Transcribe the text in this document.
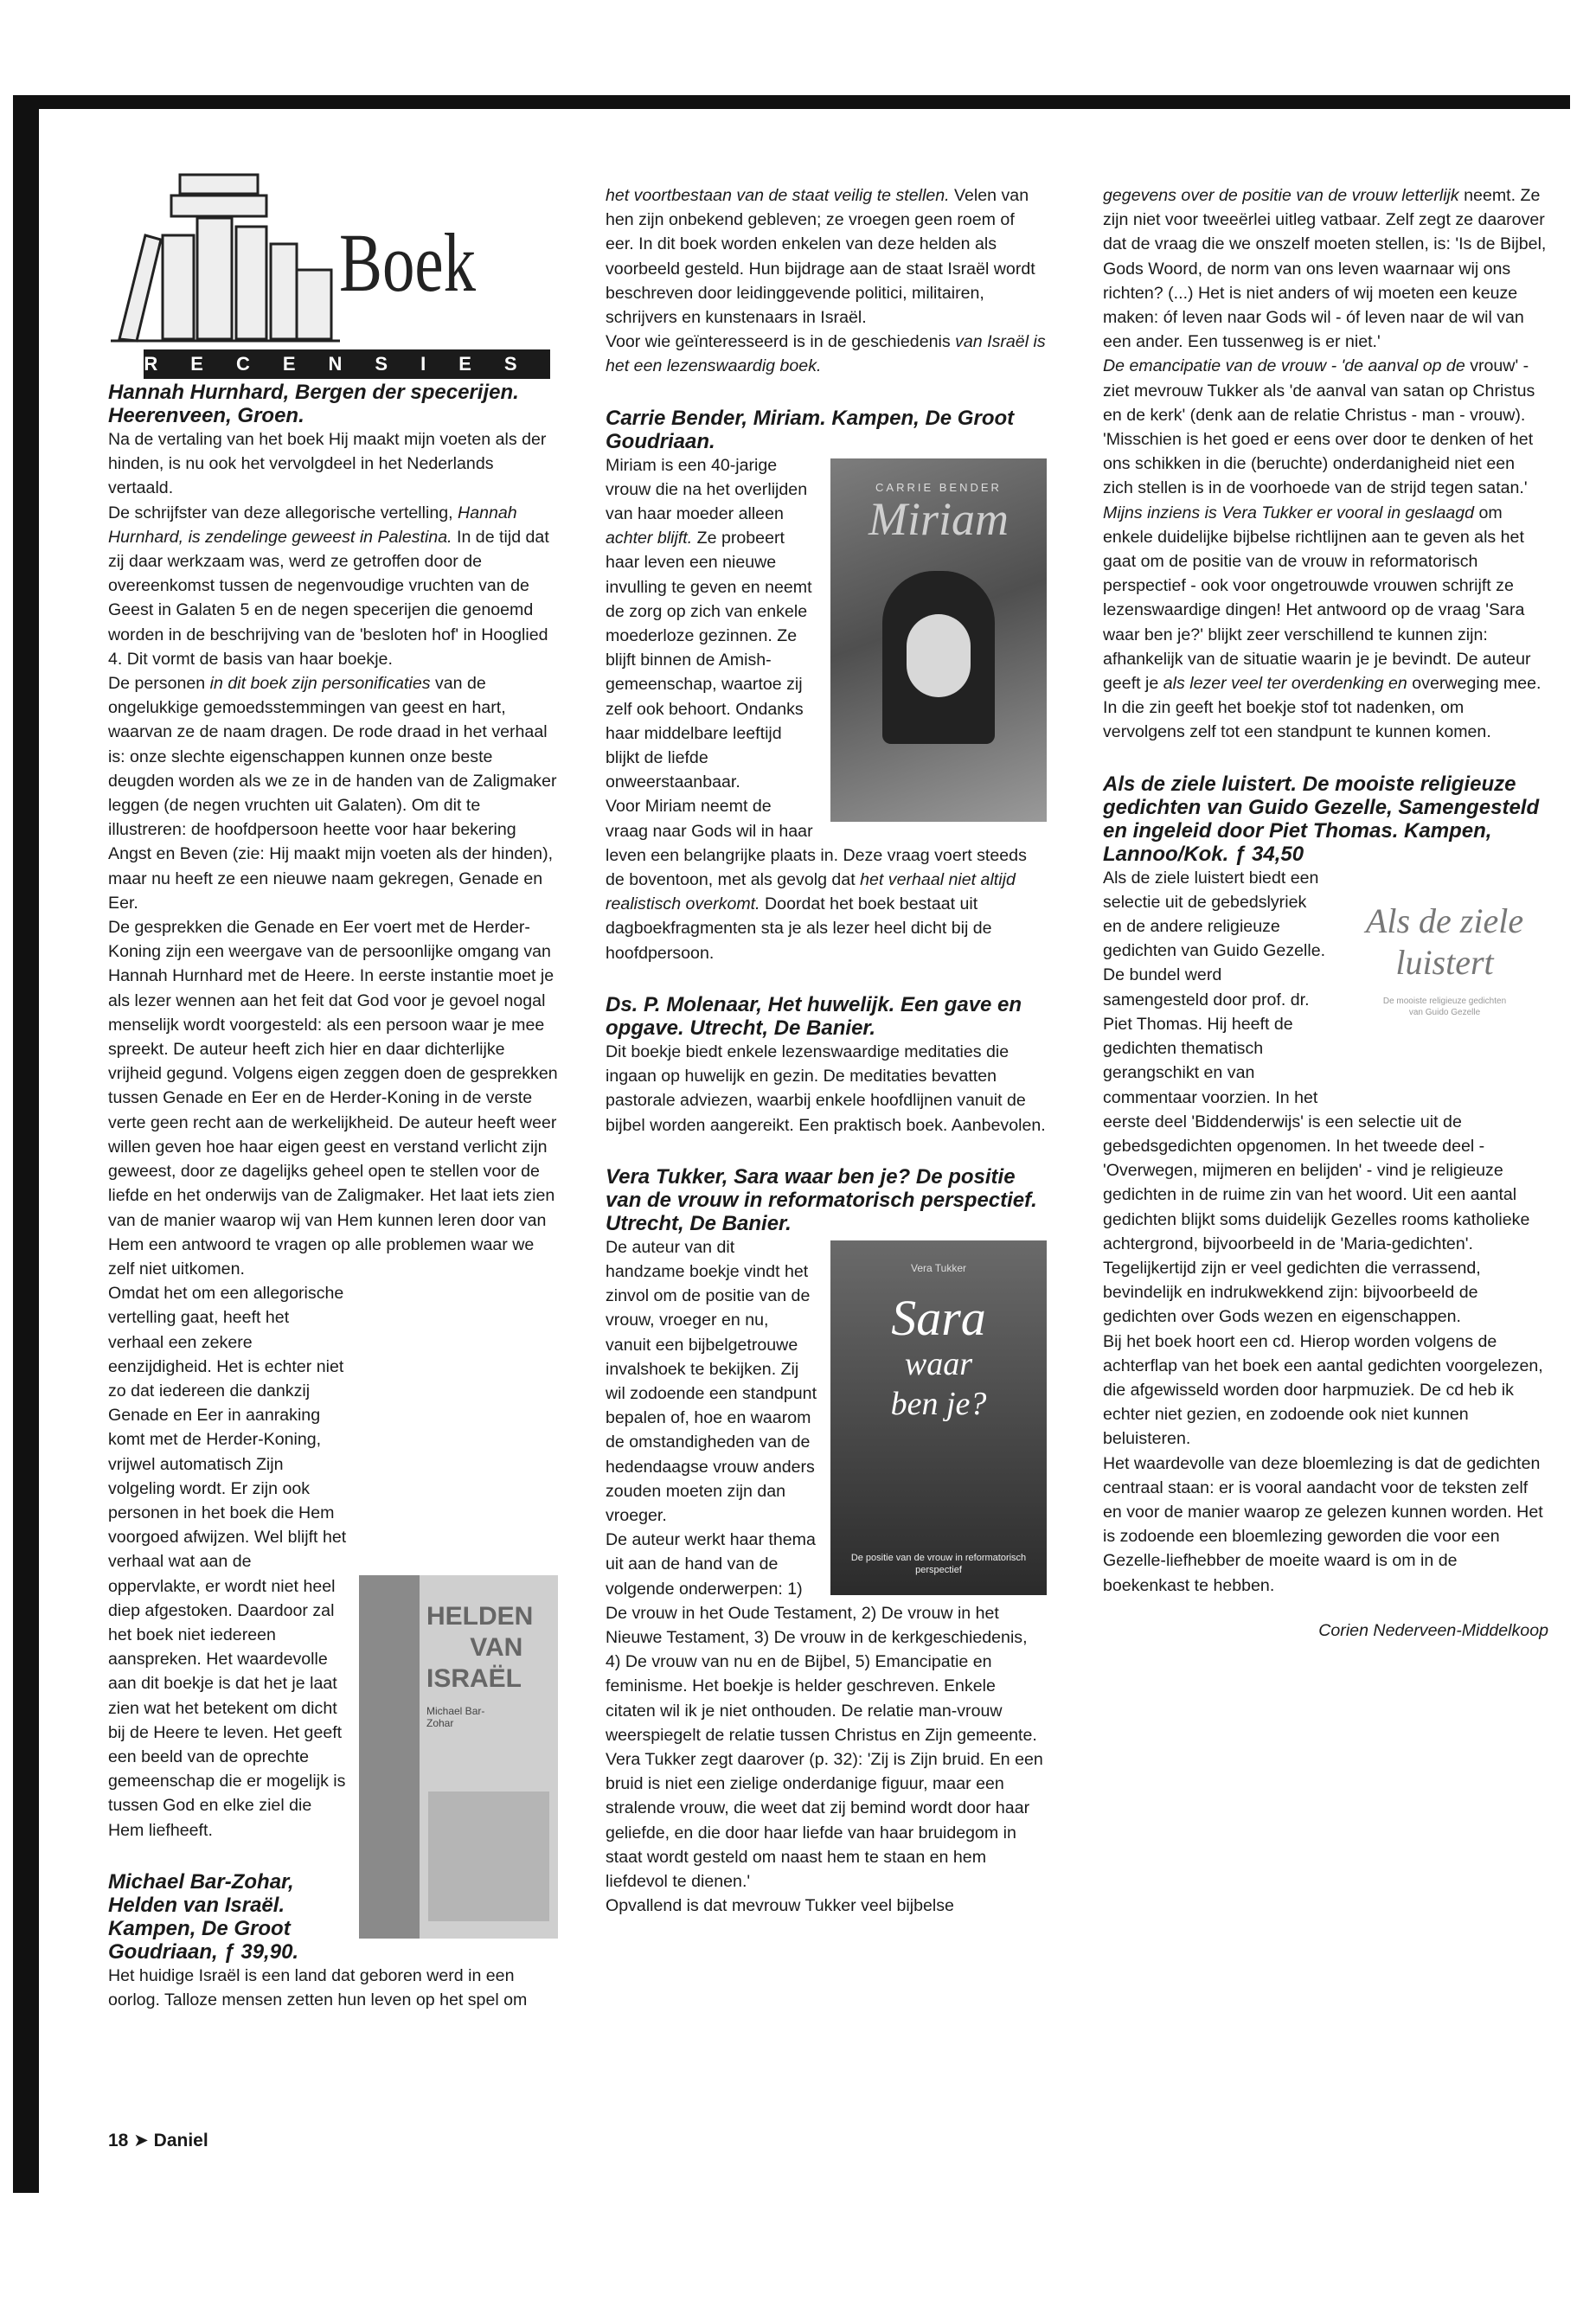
Boek
RECENSIES

Hannah Hurnhard, Bergen der specerijen. Heerenveen, Groen.

Na de vertaling van het boek Hij maakt mijn voeten als der hinden, is nu ook het vervolgdeel in het Nederlands vertaald.

De schrijfster van deze allegorische vertelling, Hannah Hurnhard, is zendelinge geweest in Palestina. In de tijd dat zij daar werkzaam was, werd ze getroffen door de overeenkomst tussen de negenvoudige vruchten van de Geest in Galaten 5 en de negen specerijen die genoemd worden in de beschrijving van de 'besloten hof' in Hooglied 4. Dit vormt de basis van haar boekje.

De personen in dit boek zijn personificaties van de ongelukkige gemoedsstemmingen van geest en hart, waarvan ze de naam dragen. De rode draad in het verhaal is: onze slechte eigenschappen kunnen onze beste deugden worden als we ze in de handen van de Zaligmaker leggen (de negen vruchten uit Galaten). Om dit te illustreren: de hoofdpersoon heette voor haar bekering Angst en Beven (zie: Hij maakt mijn voeten als der hinden), maar nu heeft ze een nieuwe naam gekregen, Genade en Eer.

De gesprekken die Genade en Eer voert met de Herder-Koning zijn een weergave van de persoonlijke omgang van Hannah Hurnhard met de Heere. In eerste instantie moet je als lezer wennen aan het feit dat God voor je gevoel nogal menselijk wordt voorgesteld: als een persoon waar je mee spreekt. De auteur heeft zich hier en daar dichterlijke vrijheid gegund. Volgens eigen zeggen doen de gesprekken tussen Genade en Eer en de Herder-Koning in de verste verte geen recht aan de werkelijkheid. De auteur heeft weer willen geven hoe haar eigen geest en verstand verlicht zijn geweest, door ze dagelijks geheel open te stellen voor de liefde en het onderwijs van de Zaligmaker. Het laat iets zien van de manier waarop wij van Hem kunnen leren door van Hem een antwoord te vragen op alle problemen waar we zelf niet uitkomen.

HELDEN
VAN
ISRAËL
Michael Bar-Zohar

Omdat het om een allegorische vertelling gaat, heeft het verhaal een zekere eenzijdigheid. Het is echter niet zo dat iedereen die dankzij Genade en Eer in aanraking komt met de Herder-Koning, vrijwel automatisch Zijn volgeling wordt. Er zijn ook personen in het boek die Hem voorgoed afwijzen. Wel blijft het verhaal wat aan de oppervlakte, er wordt niet heel diep afgestoken. Daardoor zal het boek niet iedereen aanspreken. Het waardevolle aan dit boekje is dat het je laat zien wat het betekent om dicht bij de Heere te leven. Het geeft een beeld van de oprechte gemeenschap die er mogelijk is tussen God en elke ziel die Hem liefheeft.

Michael Bar-Zohar, Helden van Israël. Kampen, De Groot Goudriaan, ƒ 39,90.

Het huidige Israël is een land dat geboren werd in een oorlog. Talloze mensen zetten hun leven op het spel om

het voortbestaan van de staat veilig te stellen. Velen van hen zijn onbekend gebleven; ze vroegen geen roem of eer. In dit boek worden enkelen van deze helden als voorbeeld gesteld. Hun bijdrage aan de staat Israël wordt beschreven door leidinggevende politici, militairen, schrijvers en kunstenaars in Israël.

Voor wie geïnteresseerd is in de geschiedenis van Israël is het een lezenswaardig boek.

Carrie Bender, Miriam. Kampen, De Groot Goudriaan.

CARRIE BENDER
Miriam

Miriam is een 40-jarige vrouw die na het overlijden van haar moeder alleen achter blijft. Ze probeert haar leven een nieuwe invulling te geven en neemt de zorg op zich van enkele moederloze gezinnen. Ze blijft binnen de Amish-gemeenschap, waartoe zij zelf ook behoort. Ondanks haar middelbare leeftijd blijkt de liefde onweerstaanbaar.

Voor Miriam neemt de vraag naar Gods wil in haar leven een belangrijke plaats in. Deze vraag voert steeds de boventoon, met als gevolg dat het verhaal niet altijd realistisch overkomt. Doordat het boek bestaat uit dagboekfragmenten sta je als lezer heel dicht bij de hoofdpersoon.

Ds. P. Molenaar, Het huwelijk. Een gave en opgave. Utrecht, De Banier.

Dit boekje biedt enkele lezenswaardige meditaties die ingaan op huwelijk en gezin. De meditaties bevatten pastorale adviezen, waarbij enkele hoofdlijnen vanuit de bijbel worden aangereikt. Een praktisch boek. Aanbevolen.

Vera Tukker, Sara waar ben je? De positie van de vrouw in reformatorisch perspectief. Utrecht, De Banier.

Vera Tukker
Sara
waar
ben je?
De positie van de vrouw in reformatorisch perspectief

De auteur van dit handzame boekje vindt het zinvol om de positie van de vrouw, vroeger en nu, vanuit een bijbelgetrouwe invalshoek te bekijken. Zij wil zodoende een standpunt bepalen of, hoe en waarom de omstandigheden van de hedendaagse vrouw anders zouden moeten zijn dan vroeger.

De auteur werkt haar thema uit aan de hand van de volgende onderwerpen: 1) De vrouw in het Oude Testament, 2) De vrouw in het Nieuwe Testament, 3) De vrouw in de kerkgeschiedenis, 4) De vrouw van nu en de Bijbel, 5) Emancipatie en feminisme. Het boekje is helder geschreven. Enkele citaten wil ik je niet onthouden. De relatie man-vrouw weerspiegelt de relatie tussen Christus en Zijn gemeente. Vera Tukker zegt daarover (p. 32): 'Zij is Zijn bruid. En een bruid is niet een zielige onderdanige figuur, maar een stralende vrouw, die weet dat zij bemind wordt door haar geliefde, en die door haar liefde van haar bruidegom in staat wordt gesteld om naast hem te staan en hem liefdevol te dienen.'

Opvallend is dat mevrouw Tukker veel bijbelse

gegevens over de positie van de vrouw letterlijk neemt. Ze zijn niet voor tweeërlei uitleg vatbaar. Zelf zegt ze daarover dat de vraag die we onszelf moeten stellen, is: 'Is de Bijbel, Gods Woord, de norm van ons leven waarnaar wij ons richten? (...) Het is niet anders of wij moeten een keuze maken: óf leven naar Gods wil - óf leven naar de wil van een ander. Een tussenweg is er niet.'

De emancipatie van de vrouw - 'de aanval op de vrouw' - ziet mevrouw Tukker als 'de aanval van satan op Christus en de kerk' (denk aan de relatie Christus - man - vrouw). 'Misschien is het goed er eens over door te denken of het ons schikken in die (beruchte) onderdanigheid niet een zich stellen is in de voorhoede van de strijd tegen satan.'

Mijns inziens is Vera Tukker er vooral in geslaagd om enkele duidelijke bijbelse richtlijnen aan te geven als het gaat om de positie van de vrouw in reformatorisch perspectief - ook voor ongetrouwde vrouwen schrijft ze lezenswaardige dingen! Het antwoord op de vraag 'Sara waar ben je?' blijkt zeer verschillend te kunnen zijn: afhankelijk van de situatie waarin je je bevindt. De auteur geeft je als lezer veel ter overdenking en overweging mee. In die zin geeft het boekje stof tot nadenken, om vervolgens zelf tot een standpunt te kunnen komen.

Als de ziele luistert. De mooiste religieuze gedichten van Guido Gezelle, Samengesteld en ingeleid door Piet Thomas. Kampen, Lannoo/Kok. ƒ 34,50

Als de ziele
luistert
De mooiste religieuze gedichten van Guido Gezelle

Als de ziele luistert biedt een selectie uit de gebedslyriek en de andere religieuze gedichten van Guido Gezelle. De bundel werd samengesteld door prof. dr. Piet Thomas. Hij heeft de gedichten thematisch gerangschikt en van commentaar voorzien. In het eerste deel 'Biddenderwijs' is een selectie uit de gebedsgedichten opgenomen. In het tweede deel - 'Overwegen, mijmeren en belijden' - vind je religieuze gedichten in de ruime zin van het woord. Uit een aantal gedichten blijkt soms duidelijk Gezelles rooms katholieke achtergrond, bijvoorbeeld in de 'Maria-gedichten'. Tegelijkertijd zijn er veel gedichten die verrassend, bevindelijk en indrukwekkend zijn: bijvoorbeeld de gedichten over Gods wezen en eigenschappen.

Bij het boek hoort een cd. Hierop worden volgens de achterflap van het boek een aantal gedichten voorgelezen, die afgewisseld worden door harpmuziek. De cd heb ik echter niet gezien, en zodoende ook niet kunnen beluisteren.

Het waardevolle van deze bloemlezing is dat de gedichten centraal staan: er is vooral aandacht voor de teksten zelf en voor de manier waarop ze gelezen kunnen worden. Het is zodoende een bloemlezing geworden die voor een Gezelle-liefhebber de moeite waard is om in de boekenkast te hebben.

Corien Nederveen-Middelkoop

18 ➤ Daniel
